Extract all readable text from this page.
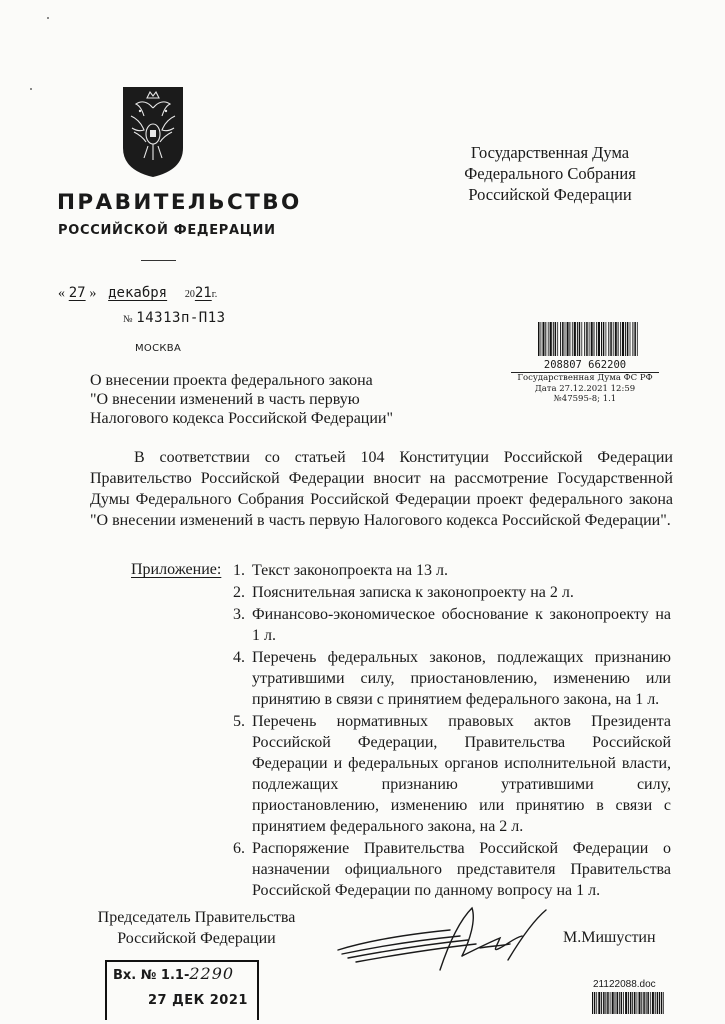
ПРАВИТЕЛЬСТВО
РОССИЙСКОЙ ФЕДЕРАЦИИ
Государственная Дума
Федерального Собрания
Российской Федерации
« 27 » декабря 2021г.
№ 14313п-П13
МОСКВА
208807 662200
Государственная Дума ФС РФ
Дата 27.12.2021 12:59
№47595-8; 1.1
О внесении проекта федерального закона
"О внесении изменений в часть первую
Налогового кодекса Российской Федерации"
В соответствии со статьей 104 Конституции Российской Федерации Правительство Российской Федерации вносит на рассмотрение Государственной Думы Федерального Собрания Российской Федерации проект федерального закона "О внесении изменений в часть первую Налогового кодекса Российской Федерации".
Приложение: 1. Текст законопроекта на 13 л.
2. Пояснительная записка к законопроекту на 2 л.
3. Финансово-экономическое обоснование к законопроекту на 1 л.
4. Перечень федеральных законов, подлежащих признанию утратившими силу, приостановлению, изменению или принятию в связи с принятием федерального закона, на 1 л.
5. Перечень нормативных правовых актов Президента Российской Федерации, Правительства Российской Федерации и федеральных органов исполнительной власти, подлежащих признанию утратившими силу, приостановлению, изменению или принятию в связи с принятием федерального закона, на 2 л.
6. Распоряжение Правительства Российской Федерации о назначении официального представителя Правительства Российской Федерации по данному вопросу на 1 л.
Председатель Правительства
Российской Федерации	М.Мишустин
Вх. № 1.1-2290
27 ДЕК 2021
21122088.doc
